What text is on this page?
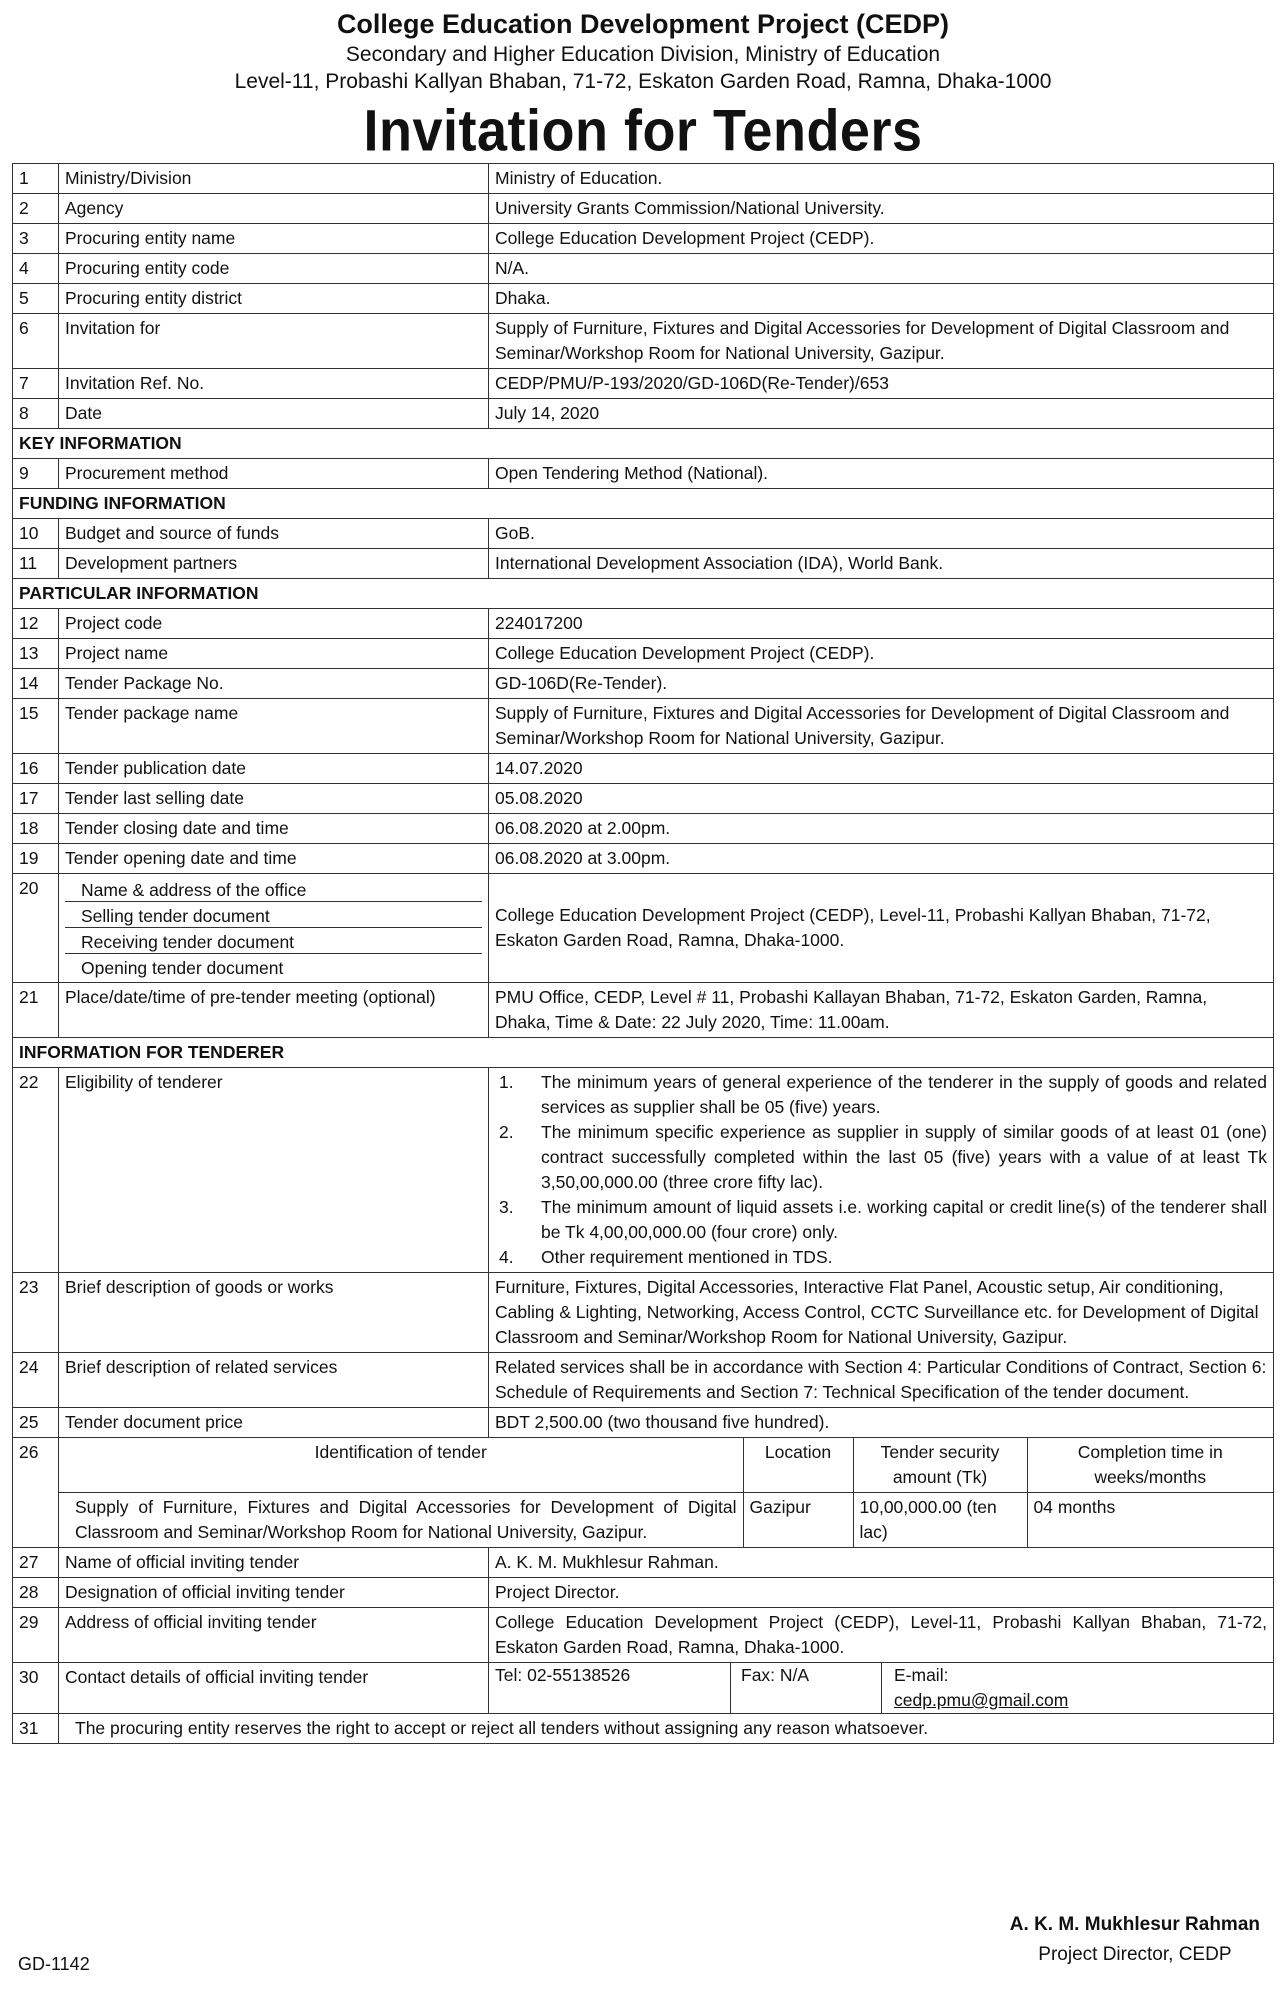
College Education Development Project (CEDP)
Secondary and Higher Education Division, Ministry of Education
Level-11, Probashi Kallyan Bhaban, 71-72, Eskaton Garden Road, Ramna, Dhaka-1000
Invitation for Tenders
1	Ministry/Division	Ministry of Education.
2	Agency	University Grants Commission/National University.
3	Procuring entity name	College Education Development Project (CEDP).
4	Procuring entity code	N/A.
5	Procuring entity district	Dhaka.
6	Invitation for	Supply of Furniture, Fixtures and Digital Accessories for Development of Digital Classroom and Seminar/Workshop Room for National University, Gazipur.
7	Invitation Ref. No.	CEDP/PMU/P-193/2020/GD-106D(Re-Tender)/653
8	Date	July 14, 2020
KEY INFORMATION
9	Procurement method	Open Tendering Method (National).
FUNDING INFORMATION
10	Budget and source of funds	GoB.
11	Development partners	International Development Association (IDA), World Bank.
PARTICULAR INFORMATION
12	Project code	224017200
13	Project name	College Education Development Project (CEDP).
14	Tender Package No.	GD-106D(Re-Tender).
15	Tender package name	Supply of Furniture, Fixtures and Digital Accessories for Development of Digital Classroom and Seminar/Workshop Room for National University, Gazipur.
16	Tender publication date	14.07.2020
17	Tender last selling date	05.08.2020
18	Tender closing date and time	06.08.2020 at 2.00pm.
19	Tender opening date and time	06.08.2020 at 3.00pm.
20	Name & address of the office
Selling tender document
Receiving tender document
Opening tender document
	College Education Development Project (CEDP), Level-11, Probashi Kallyan Bhaban, 71-72, Eskaton Garden Road, Ramna, Dhaka-1000.
21	Place/date/time of pre-tender meeting (optional)	PMU Office, CEDP, Level # 11, Probashi Kallayan Bhaban, 71-72, Eskaton Garden, Ramna, Dhaka, Time & Date: 22 July 2020, Time: 11.00am.
INFORMATION FOR TENDERER
22	Eligibility of tenderer	1.	The minimum years of general experience of the tenderer in the supply of goods and related services as supplier shall be 05 (five) years.
2.	The minimum specific experience as supplier in supply of similar goods of at least 01 (one) contract successfully completed within the last 05 (five) years with a value of at least Tk 3,50,00,000.00 (three crore fifty lac).
3.	The minimum amount of liquid assets i.e. working capital or credit line(s) of the tenderer shall be Tk 4,00,00,000.00 (four crore) only.
4.	Other requirement mentioned in TDS.

23	Brief description of goods or works	Furniture, Fixtures, Digital Accessories, Interactive Flat Panel, Acoustic setup, Air conditioning, Cabling & Lighting, Networking, Access Control, CCTC Surveillance etc. for Development of Digital Classroom and Seminar/Workshop Room for National University, Gazipur.
24	Brief description of related services	Related services shall be in accordance with Section 4: Particular Conditions of Contract, Section 6: Schedule of Requirements and Section 7: Technical Specification of the tender document.
25	Tender document price	BDT 2,500.00 (two thousand five hundred).
26		Identification of tender	Location	Tender security amount (Tk)	Completion time in weeks/months
Supply of Furniture, Fixtures and Digital Accessories for Development of Digital Classroom and Seminar/Workshop Room for National University, Gazipur.	Gazipur	10,00,000.00 (ten lac)	04 months

27	Name of official inviting tender	A. K. M. Mukhlesur Rahman.
28	Designation of official inviting tender	Project Director.
29	Address of official inviting tender	College Education Development Project (CEDP), Level-11, Probashi Kallyan Bhaban, 71-72, Eskaton Garden Road, Ramna, Dhaka-1000.
30	Contact details of official inviting tender	Tel: 02-55138526	Fax: N/A	E-mail:
cedp.pmu@gmail.com

31	The procuring entity reserves the right to accept or reject all tenders without assigning any reason whatsoever.
GD-1142
A. K. M. Mukhlesur Rahman
Project Director, CEDP
